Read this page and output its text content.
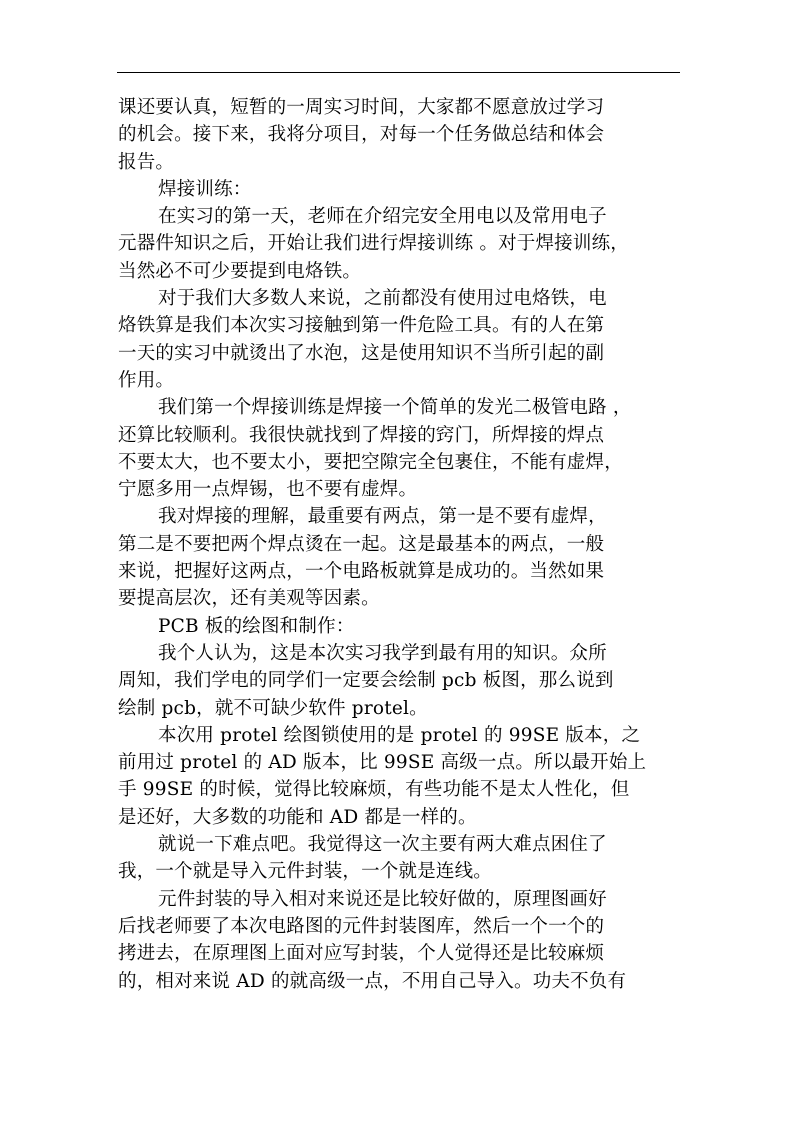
课还要认真，短暂的一周实习时间，大家都不愿意放过学习
的机会。接下来，我将分项目，对每一个任务做总结和体会
报告。
焊接训练：
在实习的第一天，老师在介绍完安全用电以及常用电子
元器件知识之后，开始让我们进行焊接训练 。对于焊接训练，
当然必不可少要提到电烙铁。
对于我们大多数人来说，之前都没有使用过电烙铁，电
烙铁算是我们本次实习接触到第一件危险工具。有的人在第
一天的实习中就烫出了水泡，这是使用知识不当所引起的副
作用。
我们第一个焊接训练是焊接一个简单的发光二极管电路 ，
还算比较顺利。我很快就找到了焊接的窍门，所焊接的焊点
不要太大，也不要太小，要把空隙完全包裹住，不能有虚焊，
宁愿多用一点焊锡，也不要有虚焊。
我对焊接的理解，最重要有两点，第一是不要有虚焊，
第二是不要把两个焊点烫在一起。这是最基本的两点，一般
来说，把握好这两点，一个电路板就算是成功的。当然如果
要提高层次，还有美观等因素。
PCB 板的绘图和制作：
我个人认为，这是本次实习我学到最有用的知识。众所
周知，我们学电的同学们一定要会绘制 pcb 板图，那么说到
绘制 pcb，就不可缺少软件 protel。
本次用 protel 绘图锁使用的是 protel 的 99SE 版本，之
前用过 protel 的 AD 版本，比 99SE 高级一点。所以最开始上
手 99SE 的时候，觉得比较麻烦，有些功能不是太人性化，但
是还好，大多数的功能和 AD 都是一样的。
就说一下难点吧。我觉得这一次主要有两大难点困住了
我，一个就是导入元件封装，一个就是连线。
元件封装的导入相对来说还是比较好做的，原理图画好
后找老师要了本次电路图的元件封装图库，然后一个一个的
拷进去，在原理图上面对应写封装，个人觉得还是比较麻烦
的，相对来说 AD 的就高级一点，不用自己导入。功夫不负有
